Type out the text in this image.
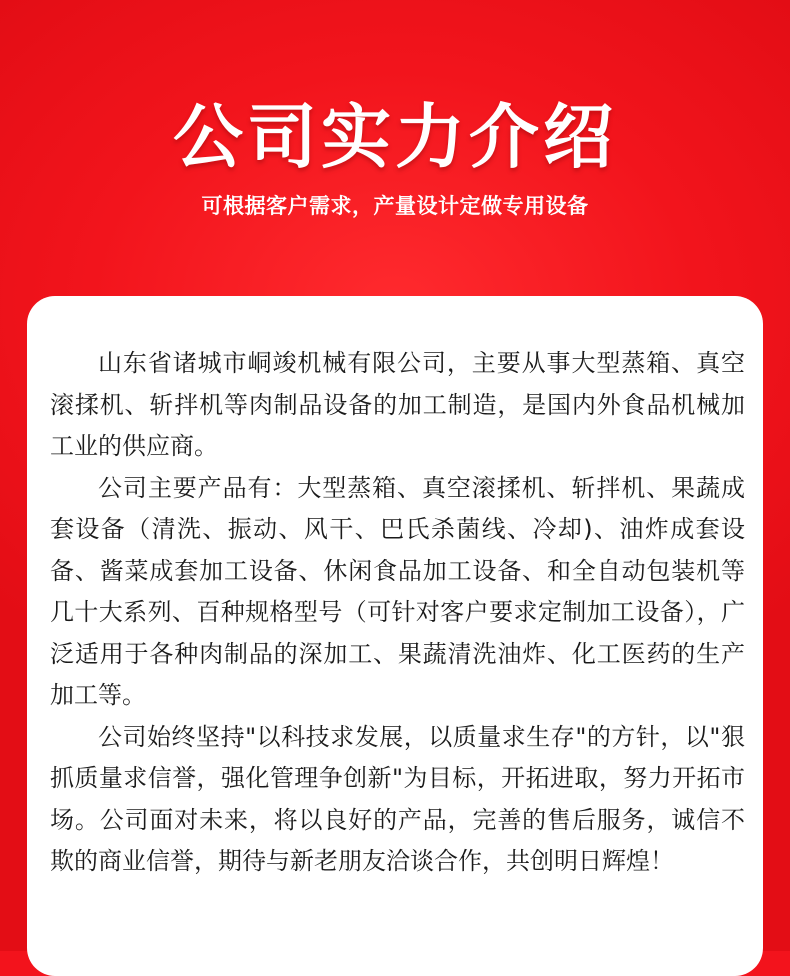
公司实力介绍
可根据客户需求，产量设计定做专用设备

山东省诸城市峒竣机械有限公司，主要从事大型蒸箱、真空滚揉机、斩拌机等肉制品设备的加工制造，是国内外食品机械加工业的供应商。

公司主要产品有：大型蒸箱、真空滚揉机、斩拌机、果蔬成套设备（清洗、振动、风干、巴氏杀菌线、冷却)、油炸成套设备、酱菜成套加工设备、休闲食品加工设备、和全自动包装机等几十大系列、百种规格型号（可针对客户要求定制加工设备），广泛适用于各种肉制品的深加工、果蔬清洗油炸、化工医药的生产加工等。

公司始终坚持"以科技求发展，以质量求生存"的方针，以"狠抓质量求信誉，强化管理争创新"为目标，开拓进取，努力开拓市场。公司面对未来，将以良好的产品，完善的售后服务，诚信不欺的商业信誉，期待与新老朋友洽谈合作，共创明日辉煌！
